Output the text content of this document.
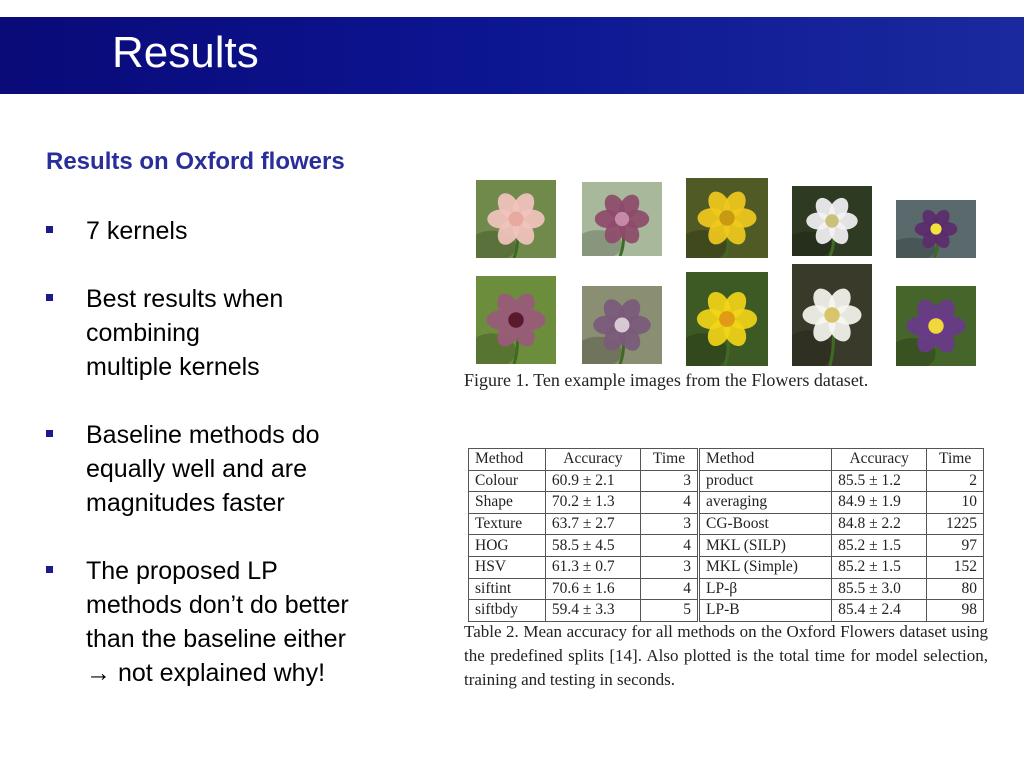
Results
Results on Oxford flowers
7 kernels
Best results when
combining
multiple kernels
Baseline methods do
equally well and are
magnitudes faster
The proposed LP
methods don’t do better
than the baseline either
→ not explained why!
Figure 1. Ten example images from the Flowers dataset.
Method	Accuracy	Time	Method	Accuracy	Time
Colour	60.9 ± 2.1	3	product	85.5 ± 1.2	2
Shape	70.2 ± 1.3	4	averaging	84.9 ± 1.9	10
Texture	63.7 ± 2.7	3	CG-Boost	84.8 ± 2.2	1225
HOG	58.5 ± 4.5	4	MKL (SILP)	85.2 ± 1.5	97
HSV	61.3 ± 0.7	3	MKL (Simple)	85.2 ± 1.5	152
siftint	70.6 ± 1.6	4	LP-β	85.5 ± 3.0	80
siftbdy	59.4 ± 3.3	5	LP-B	85.4 ± 2.4	98
Table 2. Mean accuracy for all methods on the Oxford Flowers dataset using the predefined splits [14]. Also plotted is the total time for model selection, training and testing in seconds.
